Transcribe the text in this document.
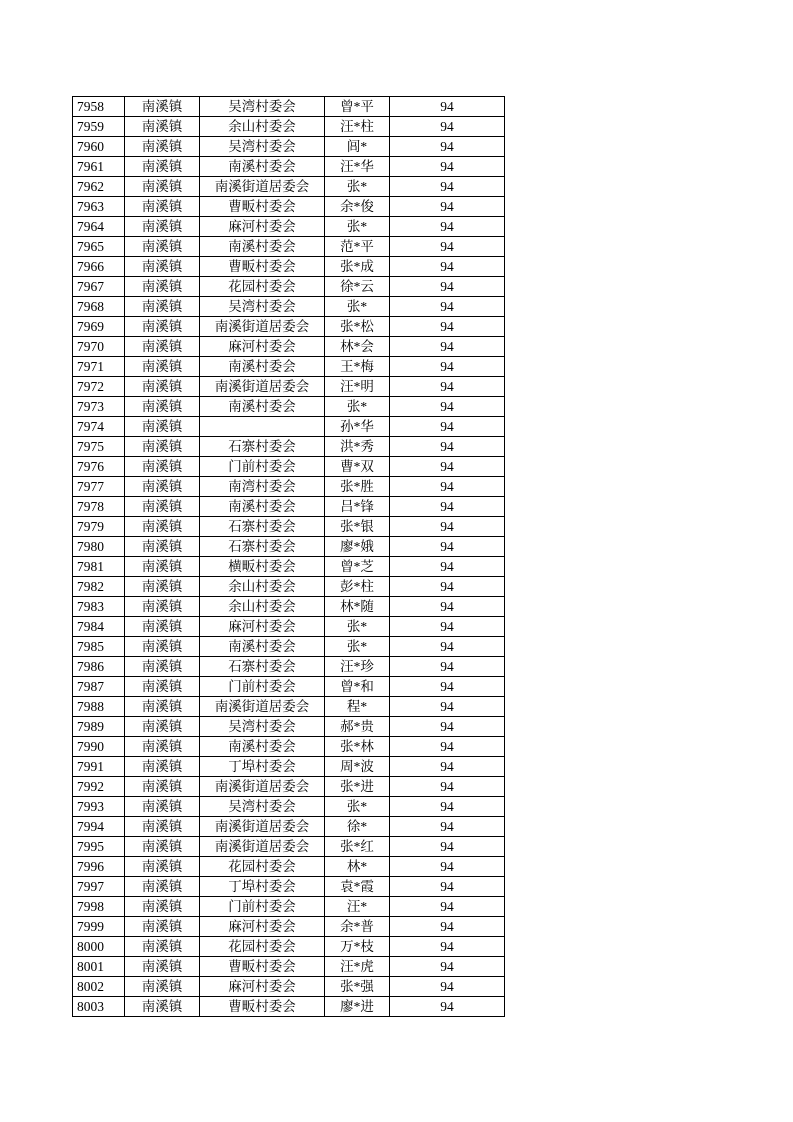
7958	南溪镇	吴湾村委会	曾*平	94
7959	南溪镇	余山村委会	汪*柱	94
7960	南溪镇	吴湾村委会	闾*	94
7961	南溪镇	南溪村委会	汪*华	94
7962	南溪镇	南溪街道居委会	张*	94
7963	南溪镇	曹畈村委会	余*俊	94
7964	南溪镇	麻河村委会	张*	94
7965	南溪镇	南溪村委会	范*平	94
7966	南溪镇	曹畈村委会	张*成	94
7967	南溪镇	花园村委会	徐*云	94
7968	南溪镇	吴湾村委会	张*	94
7969	南溪镇	南溪街道居委会	张*松	94
7970	南溪镇	麻河村委会	林*会	94
7971	南溪镇	南溪村委会	王*梅	94
7972	南溪镇	南溪街道居委会	汪*明	94
7973	南溪镇	南溪村委会	张*	94
7974	南溪镇		孙*华	94
7975	南溪镇	石寨村委会	洪*秀	94
7976	南溪镇	门前村委会	曹*双	94
7977	南溪镇	南湾村委会	张*胜	94
7978	南溪镇	南溪村委会	吕*锋	94
7979	南溪镇	石寨村委会	张*银	94
7980	南溪镇	石寨村委会	廖*娥	94
7981	南溪镇	横畈村委会	曾*芝	94
7982	南溪镇	余山村委会	彭*柱	94
7983	南溪镇	余山村委会	林*随	94
7984	南溪镇	麻河村委会	张*	94
7985	南溪镇	南溪村委会	张*	94
7986	南溪镇	石寨村委会	汪*珍	94
7987	南溪镇	门前村委会	曾*和	94
7988	南溪镇	南溪街道居委会	程*	94
7989	南溪镇	吴湾村委会	郝*贵	94
7990	南溪镇	南溪村委会	张*林	94
7991	南溪镇	丁埠村委会	周*波	94
7992	南溪镇	南溪街道居委会	张*进	94
7993	南溪镇	吴湾村委会	张*	94
7994	南溪镇	南溪街道居委会	徐*	94
7995	南溪镇	南溪街道居委会	张*红	94
7996	南溪镇	花园村委会	林*	94
7997	南溪镇	丁埠村委会	袁*霞	94
7998	南溪镇	门前村委会	汪*	94
7999	南溪镇	麻河村委会	余*普	94
8000	南溪镇	花园村委会	万*枝	94
8001	南溪镇	曹畈村委会	汪*虎	94
8002	南溪镇	麻河村委会	张*强	94
8003	南溪镇	曹畈村委会	廖*进	94
